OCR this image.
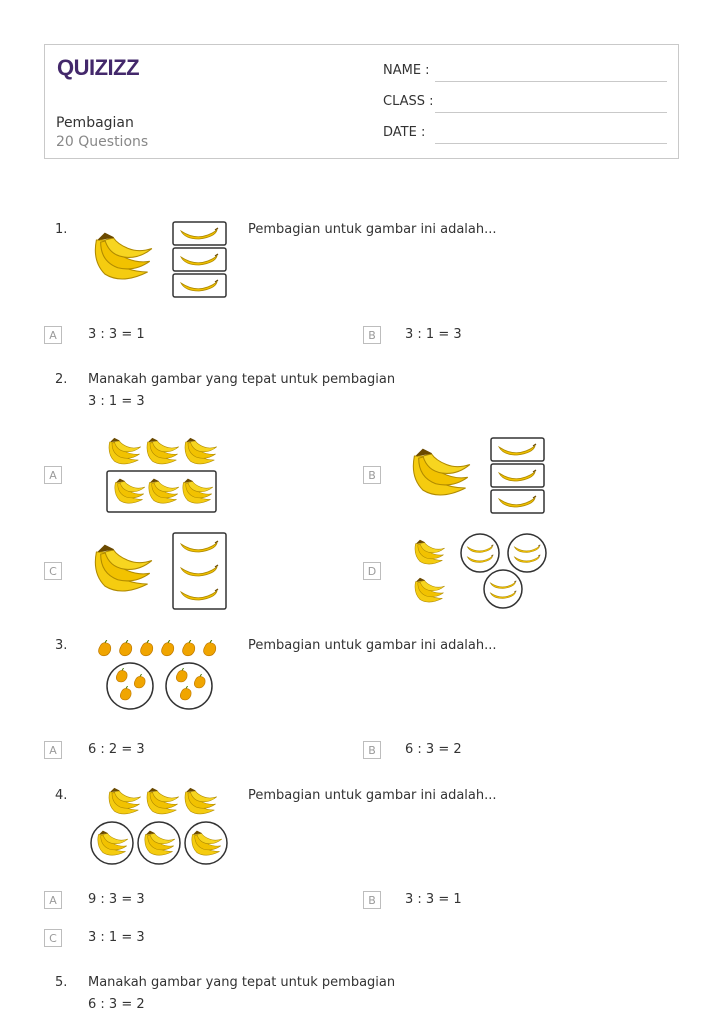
QUIZIZZ
Pembagian
20 Questions
NAME :
CLASS :
DATE :
1.	Pembagian untuk gambar ini adalah...
A	3 : 3 = 1	B	3 : 1 = 3
2. Manakah gambar yang tepat untuk pembagian
3 : 1 = 3
A	B
C	D
3.	Pembagian untuk gambar ini adalah...
A	6 : 2 = 3	B	6 : 3 = 2
4.	Pembagian untuk gambar ini adalah...
A	9 : 3 = 3	B	3 : 3 = 1
C	3 : 1 = 3
5. Manakah gambar yang tepat untuk pembagian
6 : 3 = 2
